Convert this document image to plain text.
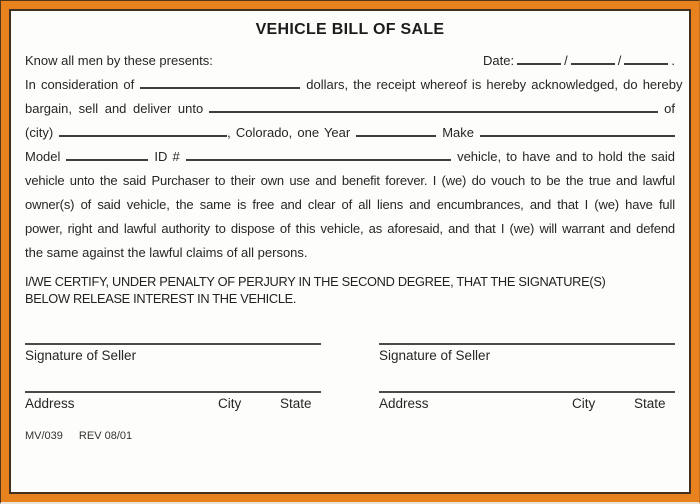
VEHICLE BILL OF SALE
Know all men by these presents:	Date:	/	/	.
In consideration of	dollars, the receipt whereof is hereby acknowledged, do hereby
bargain, sell and deliver unto	of
(city)	, Colorado, one Year	Make
Model	ID #	vehicle, to have and to hold the said
vehicle unto the said Purchaser to their own use and benefit forever. I (we) do vouch to be the true and lawful
owner(s) of said vehicle, the same is free and clear of all liens and encumbrances, and that I (we) have full
power, right and lawful authority to dispose of this vehicle, as aforesaid, and that I (we) will warrant and defend
the same against the lawful claims of all persons.
I/WE CERTIFY, UNDER PENALTY OF PERJURY IN THE SECOND DEGREE, THAT THE SIGNATURE(S)
BELOW RELEASE INTEREST IN THE VEHICLE.
Signature of Seller
Address	City	State
Signature of Seller
Address	City	State
MV/039 REV 08/01
